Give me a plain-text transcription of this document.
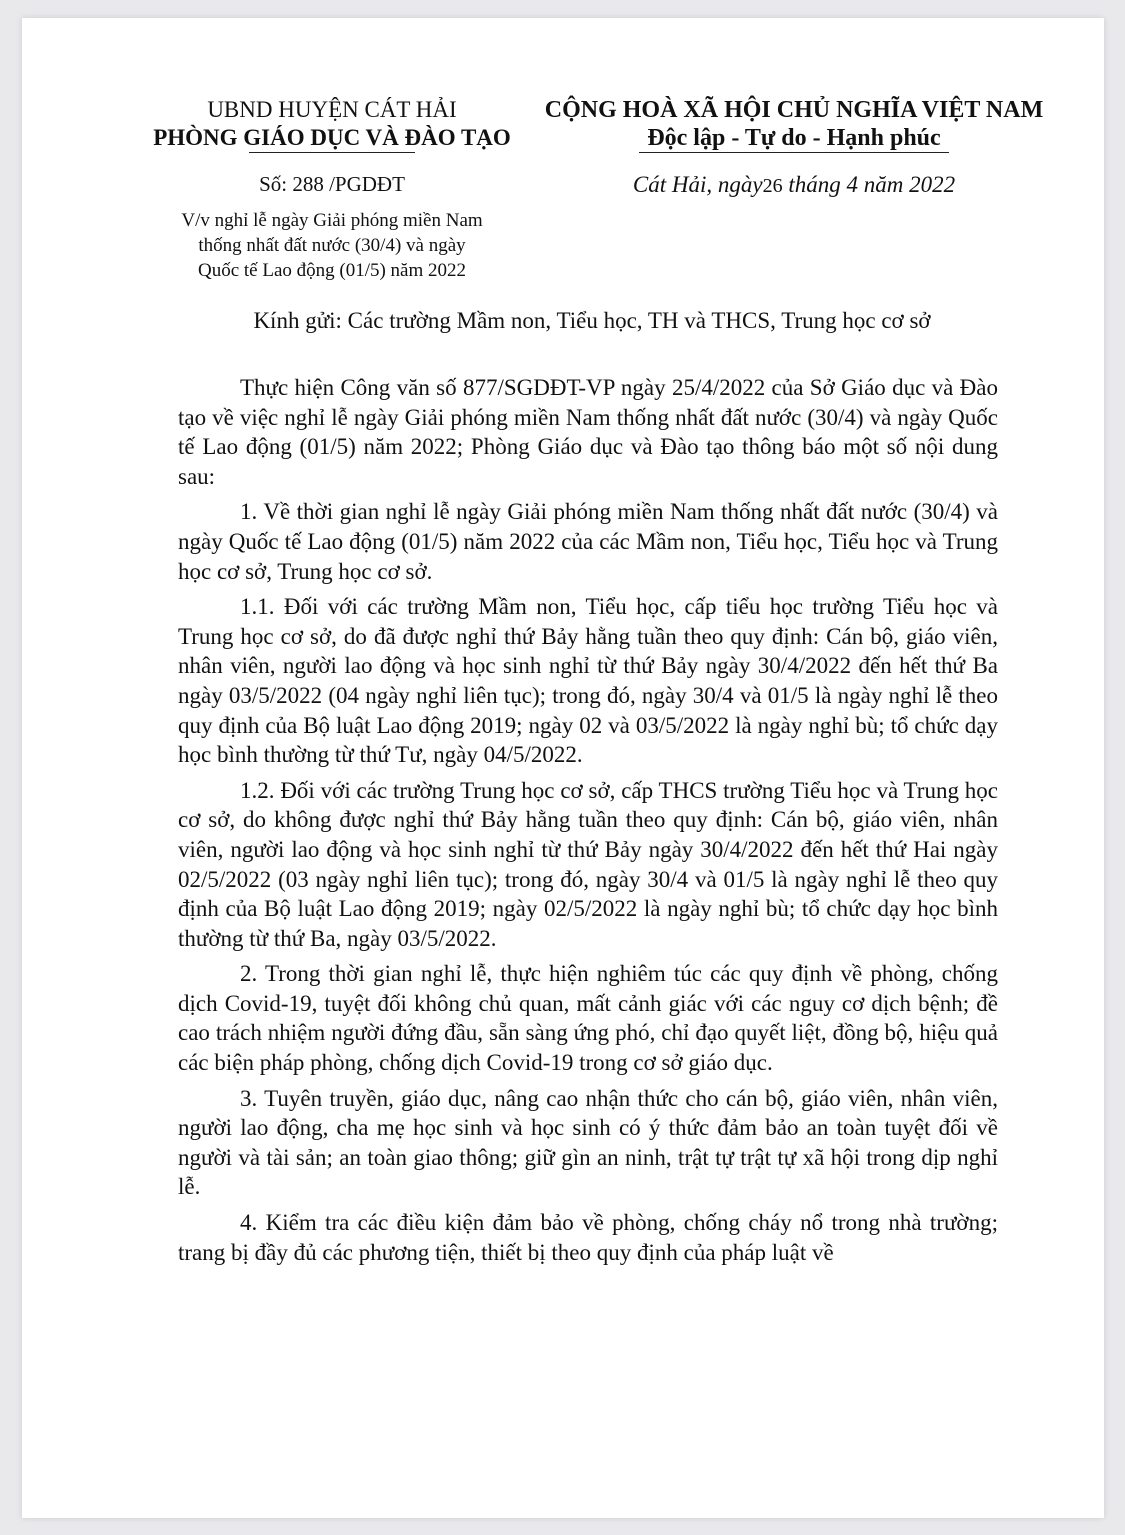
UBND HUYỆN CÁT HẢI
PHÒNG GIÁO DỤC VÀ ĐÀO TẠO
CỘNG HOÀ XÃ HỘI CHỦ NGHĨA VIỆT NAM
Độc lập - Tự do - Hạnh phúc
Số: 288 /PGDĐT	Cát Hải, ngày26 tháng 4 năm 2022
V/v nghỉ lễ ngày Giải phóng miền Nam
thống nhất đất nước (30/4) và ngày
Quốc tế Lao động (01/5) năm 2022
Kính gửi: Các trường Mầm non, Tiểu học, TH và THCS, Trung học cơ sở

Thực hiện Công văn số 877/SGDĐT-VP ngày 25/4/2022 của Sở Giáo dục và Đào tạo về việc nghỉ lễ ngày Giải phóng miền Nam thống nhất đất nước (30/4) và ngày Quốc tế Lao động (01/5) năm 2022; Phòng Giáo dục và Đào tạo thông báo một số nội dung sau:

1. Về thời gian nghỉ lễ ngày Giải phóng miền Nam thống nhất đất nước (30/4) và ngày Quốc tế Lao động (01/5) năm 2022 của các Mầm non, Tiểu học, Tiểu học và Trung học cơ sở, Trung học cơ sở.

1.1. Đối với các trường Mầm non, Tiểu học, cấp tiểu học trường Tiểu học và Trung học cơ sở, do đã được nghỉ thứ Bảy hằng tuần theo quy định: Cán bộ, giáo viên, nhân viên, người lao động và học sinh nghỉ từ thứ Bảy ngày 30/4/2022 đến hết thứ Ba ngày 03/5/2022 (04 ngày nghỉ liên tục); trong đó, ngày 30/4 và 01/5 là ngày nghỉ lễ theo quy định của Bộ luật Lao động 2019; ngày 02 và 03/5/2022 là ngày nghỉ bù; tổ chức dạy học bình thường từ thứ Tư, ngày 04/5/2022.

1.2. Đối với các trường Trung học cơ sở, cấp THCS trường Tiểu học và Trung học cơ sở, do không được nghỉ thứ Bảy hằng tuần theo quy định: Cán bộ, giáo viên, nhân viên, người lao động và học sinh nghỉ từ thứ Bảy ngày 30/4/2022 đến hết thứ Hai ngày 02/5/2022 (03 ngày nghỉ liên tục); trong đó, ngày 30/4 và 01/5 là ngày nghỉ lễ theo quy định của Bộ luật Lao động 2019; ngày 02/5/2022 là ngày nghỉ bù; tổ chức dạy học bình thường từ thứ Ba, ngày 03/5/2022.

2. Trong thời gian nghỉ lễ, thực hiện nghiêm túc các quy định về phòng, chống dịch Covid-19, tuyệt đối không chủ quan, mất cảnh giác với các nguy cơ dịch bệnh; đề cao trách nhiệm người đứng đầu, sẵn sàng ứng phó, chỉ đạo quyết liệt, đồng bộ, hiệu quả các biện pháp phòng, chống dịch Covid-19 trong cơ sở giáo dục.

3. Tuyên truyền, giáo dục, nâng cao nhận thức cho cán bộ, giáo viên, nhân viên, người lao động, cha mẹ học sinh và học sinh có ý thức đảm bảo an toàn tuyệt đối về người và tài sản; an toàn giao thông; giữ gìn an ninh, trật tự trật tự xã hội trong dịp nghỉ lễ.

4. Kiểm tra các điều kiện đảm bảo về phòng, chống cháy nổ trong nhà trường; trang bị đầy đủ các phương tiện, thiết bị theo quy định của pháp luật về
